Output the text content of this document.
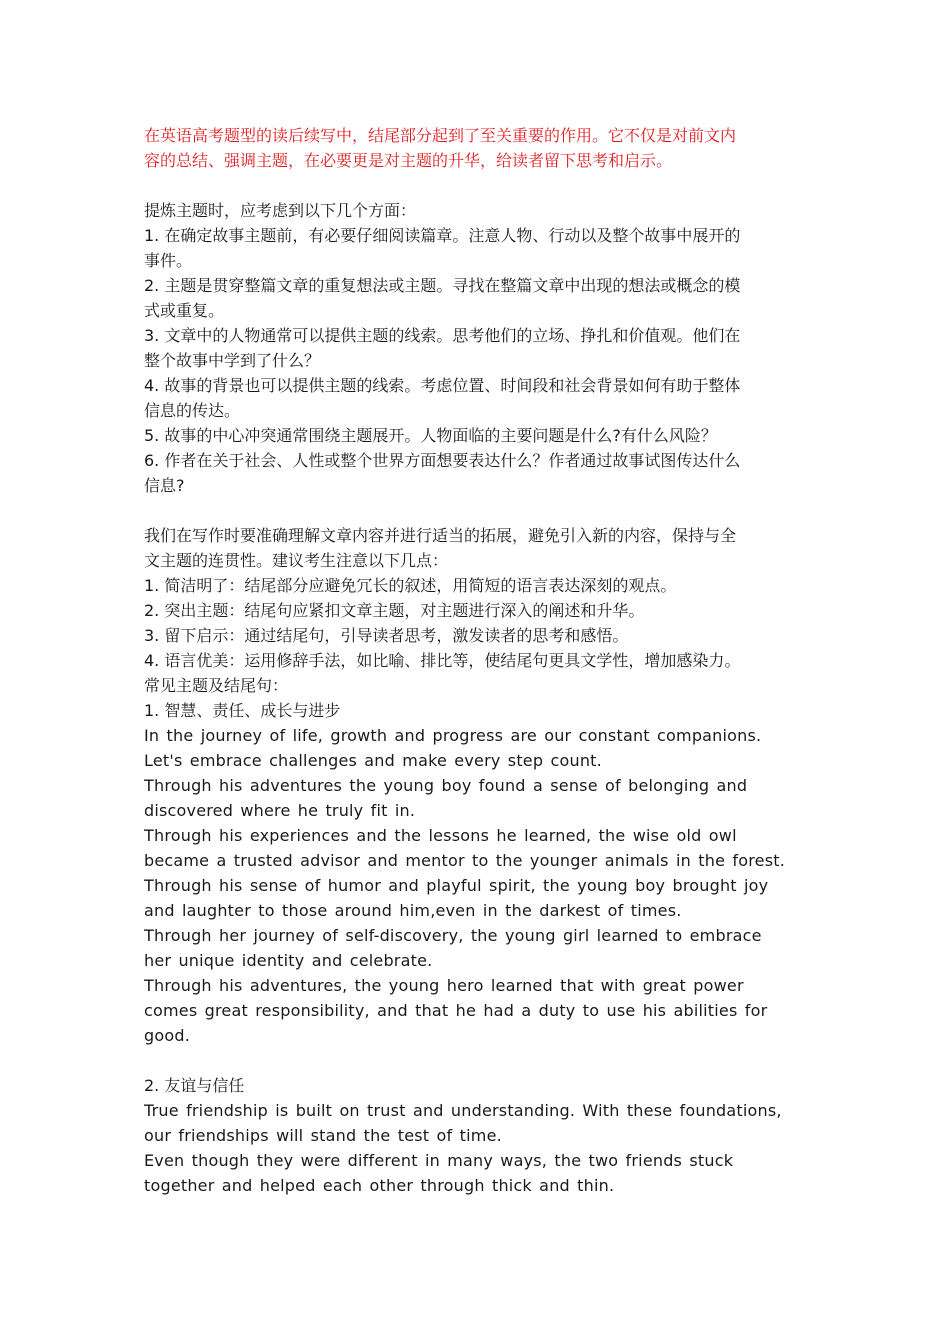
在英语高考题型的读后续写中，结尾部分起到了至关重要的作用。它不仅是对前文内
容的总结、强调主题，在必要更是对主题的升华，给读者留下思考和启示。
提炼主题时，应考虑到以下几个方面：
1. 在确定故事主题前，有必要仔细阅读篇章。注意人物、行动以及整个故事中展开的
事件。
2. 主题是贯穿整篇文章的重复想法或主题。寻找在整篇文章中出现的想法或概念的模
式或重复。
3. 文章中的人物通常可以提供主题的线索。思考他们的立场、挣扎和价值观。他们在
整个故事中学到了什么？
4. 故事的背景也可以提供主题的线索。考虑位置、时间段和社会背景如何有助于整体
信息的传达。
5. 故事的中心冲突通常围绕主题展开。人物面临的主要问题是什么?有什么风险？
6. 作者在关于社会、人性或整个世界方面想要表达什么？作者通过故事试图传达什么
信息?
我们在写作时要准确理解文章内容并进行适当的拓展，避免引入新的内容，保持与全
文主题的连贯性。建议考生注意以下几点：
1. 简洁明了：结尾部分应避免冗长的叙述，用简短的语言表达深刻的观点。
2. 突出主题：结尾句应紧扣文章主题，对主题进行深入的阐述和升华。
3. 留下启示：通过结尾句，引导读者思考，激发读者的思考和感悟。
4. 语言优美：运用修辞手法，如比喻、排比等，使结尾句更具文学性，增加感染力。
常见主题及结尾句：
1. 智慧、责任、成长与进步
In the journey of life, growth and progress are our constant companions.
Let's embrace challenges and make every step count.
Through his adventures the young boy found a sense of belonging and
discovered where he truly fit in.
Through his experiences and the lessons he learned, the wise old owl
became a trusted advisor and mentor to the younger animals in the forest.
Through his sense of humor and playful spirit, the young boy brought joy
and laughter to those around him,even in the darkest of times.
Through her journey of self-discovery, the young girl learned to embrace
her unique identity and celebrate.
Through his adventures, the young hero learned that with great power
comes great responsibility, and that he had a duty to use his abilities for
good.
2. 友谊与信任
True friendship is built on trust and understanding. With these foundations,
our friendships will stand the test of time.
Even though they were different in many ways, the two friends stuck
together and helped each other through thick and thin.
